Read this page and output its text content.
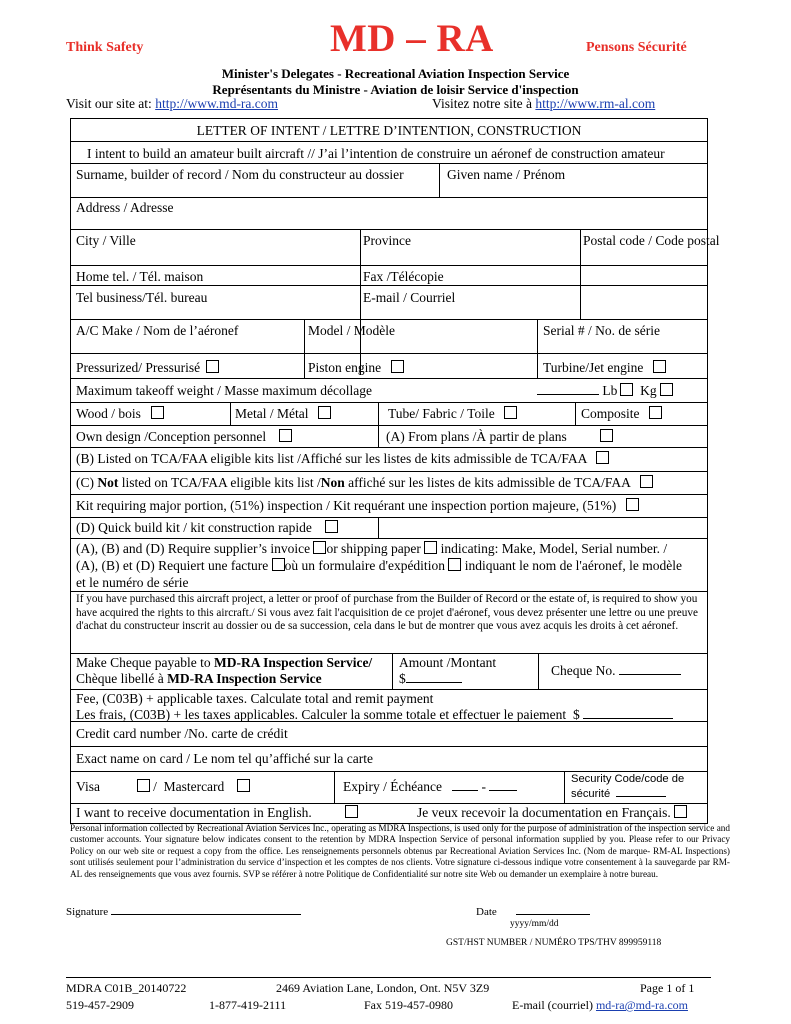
Think Safety	MD – RA	Pensons Sécurité
Minister's Delegates - Recreational Aviation Inspection Service
Représentants du Ministre - Aviation de loisir Service d'inspection
Visit our site at: http://www.md-ra.com	Visitez notre site à http://www.rm-al.com
LETTER OF INTENT / LETTRE D’INTENTION, CONSTRUCTION
I intent to build an amateur built aircraft // J’ai l’intention de construire un aéronef de construction amateur
Surname, builder of record / Nom du constructeur au dossier	Given name / Prénom
Address / Adresse
City / Ville	Province	Postal code / Code postal
Home tel. / Tél. maison	Fax /Télécopie
Tel business/Tél. bureau	E-mail / Courriel
A/C Make / Nom de l’aéronef	Model / Modèle	Serial # / No. de série
Pressurized/ Pressurisé	Piston engine	Turbine/Jet engine
Maximum takeoff weight / Masse maximum décollage	Lb Kg
Wood / bois	Metal / Métal	Tube/ Fabric / Toile	Composite
Own design /Conception personnel	(A) From plans /À partir de plans
(B) Listed on TCA/FAA eligible kits list /Affiché sur les listes de kits admissible de TCA/FAA
(C) Not listed on TCA/FAA eligible kits list /Non affiché sur les listes de kits admissible de TCA/FAA
Kit requiring major portion, (51%) inspection / Kit requérant une inspection portion majeure, (51%)
(D) Quick build kit / kit construction rapide
(A), (B) and (D) Require supplier’s invoice or shipping paper  indicating: Make, Model, Serial number. /
(A), (B) et (D) Requiert une facture où un formulaire d'expédition  indiquant le nom de l'aéronef, le modèle
et le numéro de série
If you have purchased this aircraft project, a letter or proof of purchase from the Builder of Record or the estate of, is required to show you have acquired the rights to this aircraft./ Si vous avez fait l'acquisition de ce projet d'aéronef, vous devez présenter une lettre ou une preuve d'achat du constructeur inscrit au dossier ou de sa succession, cela dans le but de montrer que vous avez acquis les droits à cet aéronef.
Make Cheque payable to MD-RA Inspection Service/
Chèque libellé à MD-RA Inspection Service
Amount /Montant
$
Cheque No.
Fee, (C03B) + applicable taxes. Calculate total and remit payment
Les frais, (C03B) + les taxes applicables. Calculer la somme totale et effectuer le paiement $
Credit card number /No. carte de crédit
Exact name on card / Le nom tel qu’affiché sur la carte
Visa	/ Mastercard	Expiry / Échéance	-	Security Code/code de
sécurité
I want to receive documentation in English.	Je veux recevoir la documentation en Français.
Personal information collected by Recreational Aviation Services Inc., operating as MDRA Inspections, is used only for the purpose of administration of the inspection service and customer accounts. Your signature below indicates consent to the retention by MDRA Inspection Service of personal information supplied by you. Please refer to our Privacy Policy on our web site or request a copy from the office. Les renseignements personnels obtenus par Recreational Aviation Services Inc. (Nom de marque- RM-AL Inspections) sont utilisés seulement pour l’administration du service d’inspection et les comptes de nos clients. Votre signature ci-dessous indique votre consentement à la sauvegarde par RM-AL des renseignements que vous avez fournis. SVP se référer à notre Politique de Confidentialité sur notre site Web ou demander un exemplaire à notre bureau.
Signature	Date
yyyy/mm/dd
GST/HST NUMBER / NUMÉRO TPS/THV 899959118
MDRA C01B_20140722	2469 Aviation Lane, London, Ont. N5V 3Z9	Page 1 of 1
519-457-2909	1-877-419-2111	Fax 519-457-0980	E-mail (courriel) md-ra@md-ra.com
